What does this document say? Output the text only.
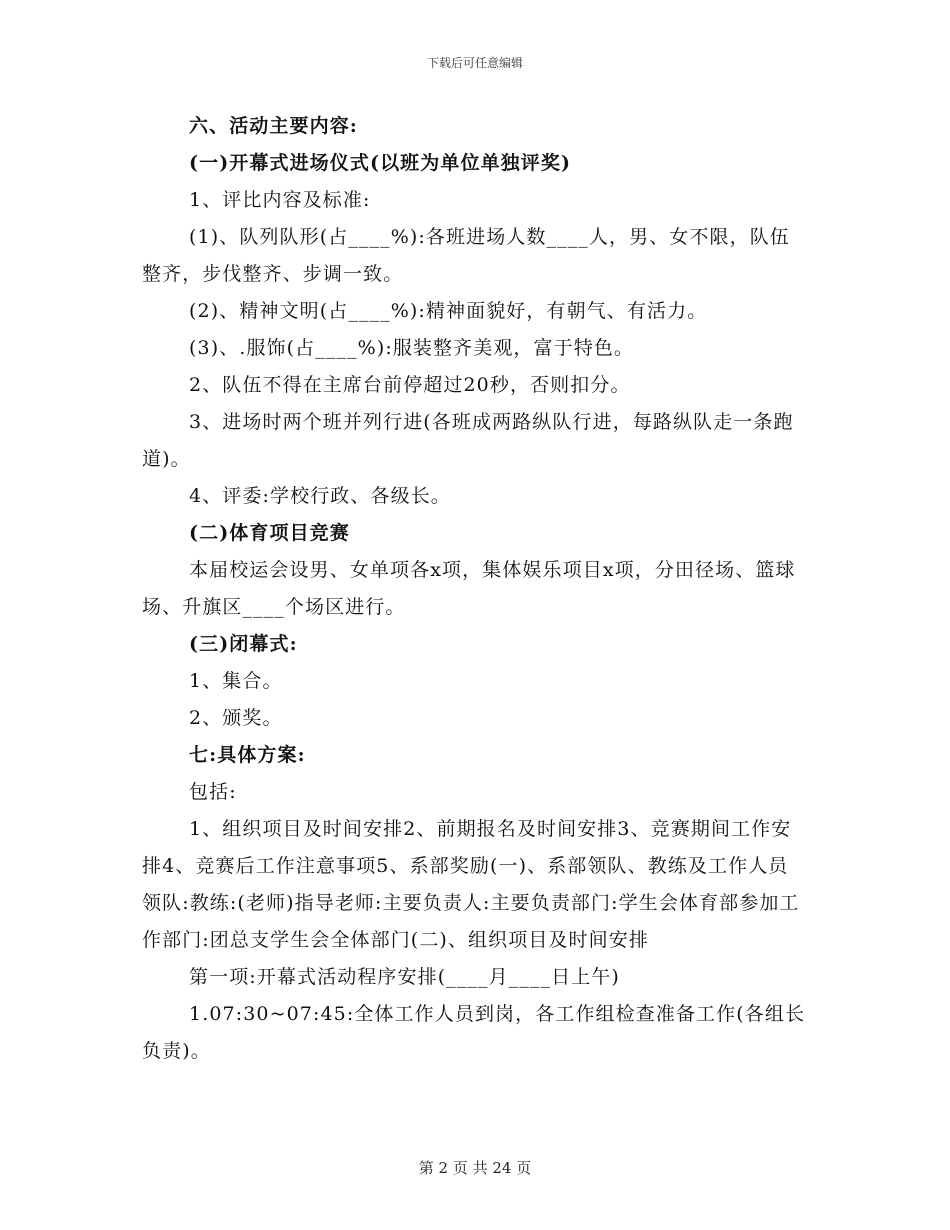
下载后可任意编辑

六、活动主要内容:

(一)开幕式进场仪式(以班为单位单独评奖)

1、评比内容及标准:

(1)、队列队形(占____%):各班进场人数____人，男、女不限，队伍整齐，步伐整齐、步调一致。

(2)、精神文明(占____%):精神面貌好，有朝气、有活力。

(3)、.服饰(占____%):服装整齐美观，富于特色。

2、队伍不得在主席台前停超过20秒，否则扣分。

3、进场时两个班并列行进(各班成两路纵队行进，每路纵队走一条跑道)。

4、评委:学校行政、各级长。

(二)体育项目竞赛

本届校运会设男、女单项各x项，集体娱乐项目x项，分田径场、篮球场、升旗区____个场区进行。

(三)闭幕式:

1、集合。

2、颁奖。

七:具体方案:

包括:

1、组织项目及时间安排2、前期报名及时间安排3、竞赛期间工作安排4、竞赛后工作注意事项5、系部奖励(一)、系部领队、教练及工作人员领队:教练:(老师)指导老师:主要负责人:主要负责部门:学生会体育部参加工作部门:团总支学生会全体部门(二)、组织项目及时间安排

第一项:开幕式活动程序安排(____月____日上午)

1.07:30~07:45:全体工作人员到岗，各工作组检查准备工作(各组长负责)。

第 2 页 共 24 页
